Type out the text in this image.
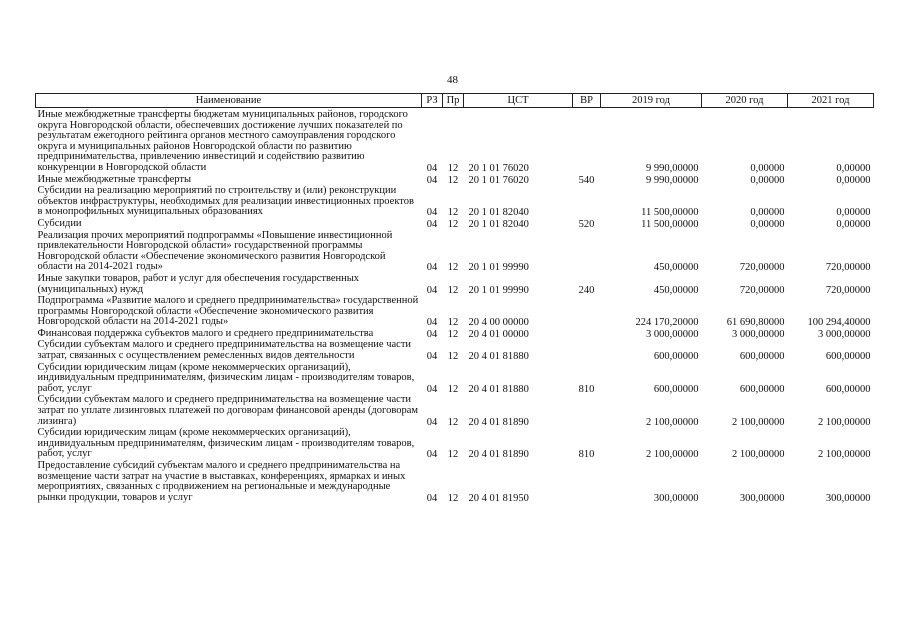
48
Наименование	РЗ	Пр	ЦСТ	ВР	2019 год	2020 год	2021 год
Иные межбюджетные трансферты бюджетам муниципальных районов, городского округа Новгородской области, обеспечевших достижение лучших показателей по результатам ежегодного рейтинга органов местного самоуправления городского округа и муниципальных районов Новгородской области по развитию предпринимательства, привлечению инвестиций и содействию развитию конкуренции в Новгородской области	04	12	20 1 01 76020		9 990,00000	0,00000	0,00000
Иные межбюджетные трансферты	04	12	20 1 01 76020	540	9 990,00000	0,00000	0,00000
Субсидии на реализацию мероприятий по строительству и (или) реконструкции объектов инфраструктуры, необходимых для реализации инвестиционных проектов в монопрофильных муниципальных образованиях	04	12	20 1 01 82040		11 500,00000	0,00000	0,00000
Субсидии	04	12	20 1 01 82040	520	11 500,00000	0,00000	0,00000
Реализация прочих мероприятий подпрограммы «Повышение инвестиционной привлекательности Новгородской области» государственной программы Новгородской области «Обеспечение экономического развития Новгородской области на 2014-2021 годы»	04	12	20 1 01 99990		450,00000	720,00000	720,00000
Иные закупки товаров, работ и услуг для обеспечения государственных (муниципальных) нужд	04	12	20 1 01 99990	240	450,00000	720,00000	720,00000
Подпрограмма «Развитие малого и среднего предпринимательства» государственной программы Новгородской области «Обеспечение экономического развития Новгородской области на 2014-2021 годы»	04	12	20 4 00 00000		224 170,20000	61 690,80000	100 294,40000
Финансовая поддержка субъектов малого и среднего предпринимательства	04	12	20 4 01 00000		3 000,00000	3 000,00000	3 000,00000
Субсидии субъектам малого и среднего предпринимательства на возмещение части затрат, связанных с осуществлением ремесленных видов деятельности	04	12	20 4 01 81880		600,00000	600,00000	600,00000
Субсидии юридическим лицам (кроме некоммерческих организаций), индивидуальным предпринимателям, физическим лицам - производителям товаров, работ, услуг	04	12	20 4 01 81880	810	600,00000	600,00000	600,00000
Субсидии субъектам малого и среднего предпринимательства на возмещение части затрат по уплате лизинговых платежей по договорам финансовой аренды (договорам лизинга)	04	12	20 4 01 81890		2 100,00000	2 100,00000	2 100,00000
Субсидии юридическим лицам (кроме некоммерческих организаций), индивидуальным предпринимателям, физическим лицам - производителям товаров, работ, услуг	04	12	20 4 01 81890	810	2 100,00000	2 100,00000	2 100,00000
Предоставление субсидий субъектам малого и среднего предпринимательства на возмещение части затрат на участие в выставках, конференциях, ярмарках и иных мероприятиях, связанных с продвижением на региональные и международные рынки продукции, товаров и услуг	04	12	20 4 01 81950		300,00000	300,00000	300,00000
